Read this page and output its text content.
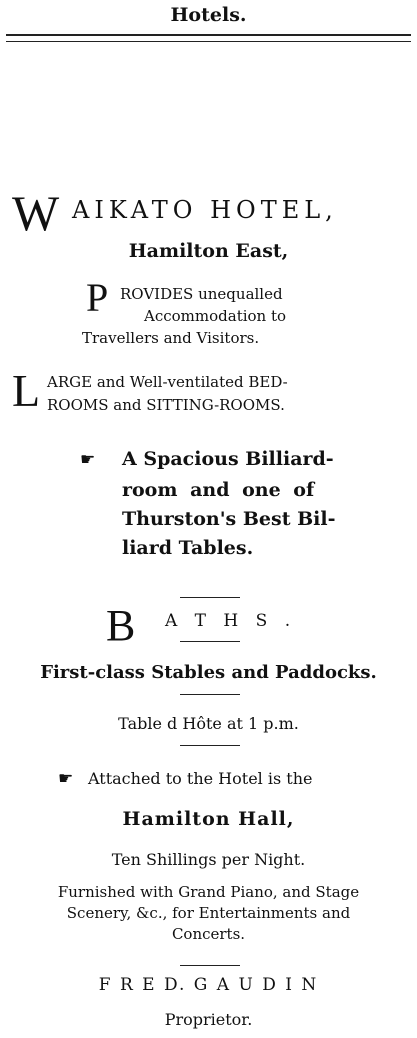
Hotels.
W AIKATO HOTEL,
Hamilton East,
P ROVIDES unequalled
Accommodation to
Travellers and Visitors.
L ARGE and Well-ventilated BED-
ROOMS and SITTING-ROOMS.
☛ A Spacious Billiard-
room and one of
Thurston's Best Bil-
liard Tables.
B A T H S .
First-class Stables and Paddocks.
Table d Hôte at 1 p.m.
☛ Attached to the Hotel is the
Hamilton Hall,
Ten Shillings per Night.
Furnished with Grand Piano, and Stage
Scenery, &c., for Entertainments and
Concerts.
F R E D. G A U D I N
Proprietor.
